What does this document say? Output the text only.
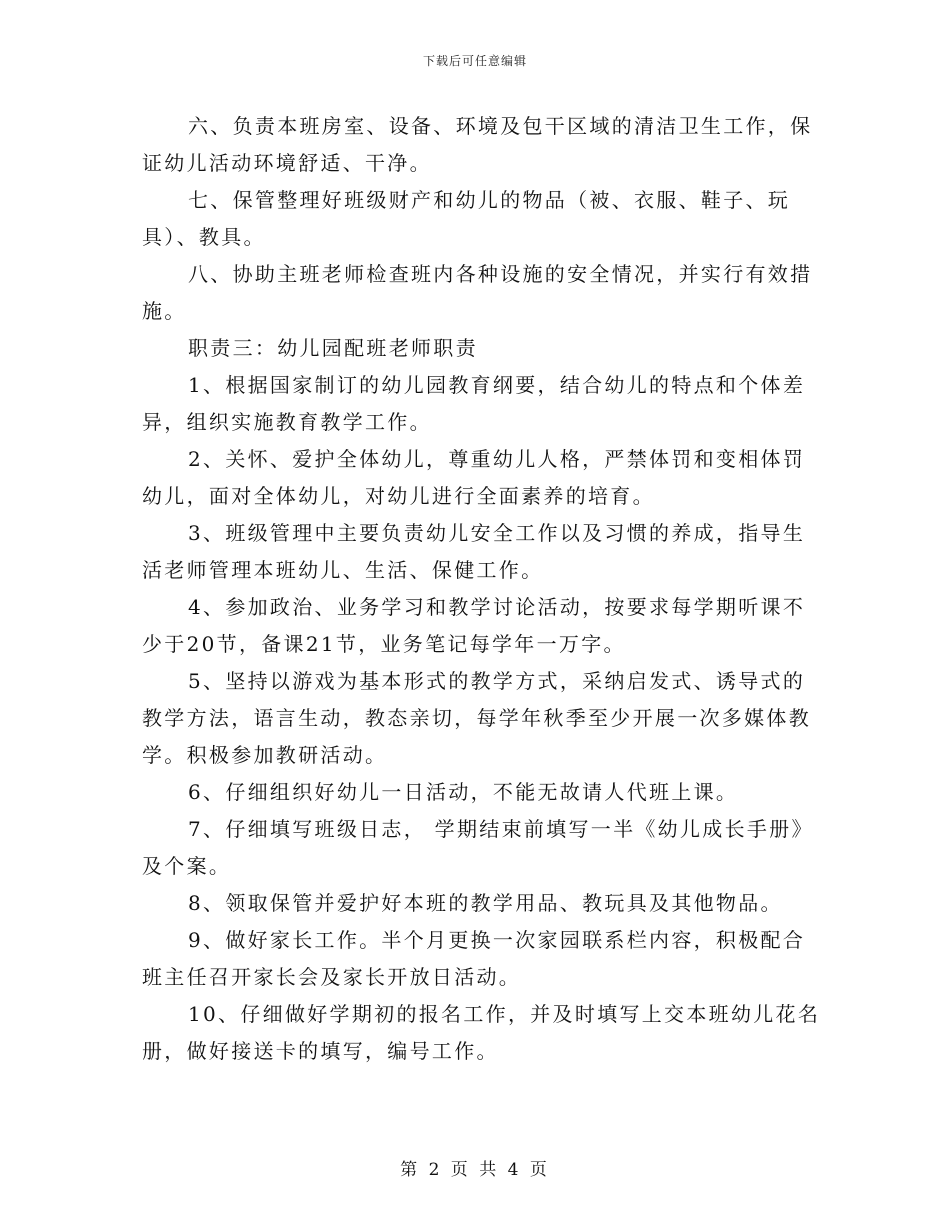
下载后可任意编辑

六、负责本班房室、设备、环境及包干区域的清洁卫生工作，保证幼儿活动环境舒适、干净。

七、保管整理好班级财产和幼儿的物品（被、衣服、鞋子、玩具）、教具。

八、协助主班老师检查班内各种设施的安全情况，并实行有效措施。

职责三：幼儿园配班老师职责

1、根据国家制订的幼儿园教育纲要，结合幼儿的特点和个体差异，组织实施教育教学工作。

2、关怀、爱护全体幼儿，尊重幼儿人格，严禁体罚和变相体罚幼儿，面对全体幼儿，对幼儿进行全面素养的培育。

3、班级管理中主要负责幼儿安全工作以及习惯的养成，指导生活老师管理本班幼儿、生活、保健工作。

4、参加政治、业务学习和教学讨论活动，按要求每学期听课不少于20节，备课21节，业务笔记每学年一万字。

5、坚持以游戏为基本形式的教学方式，采纳启发式、诱导式的教学方法，语言生动，教态亲切，每学年秋季至少开展一次多媒体教学。积极参加教研活动。

6、仔细组织好幼儿一日活动，不能无故请人代班上课。

7、仔细填写班级日志， 学期结束前填写一半《幼儿成长手册》及个案。

8、领取保管并爱护好本班的教学用品、教玩具及其他物品。

9、做好家长工作。半个月更换一次家园联系栏内容，积极配合班主任召开家长会及家长开放日活动。

10、仔细做好学期初的报名工作，并及时填写上交本班幼儿花名册，做好接送卡的填写，编号工作。

第 2 页 共 4 页
